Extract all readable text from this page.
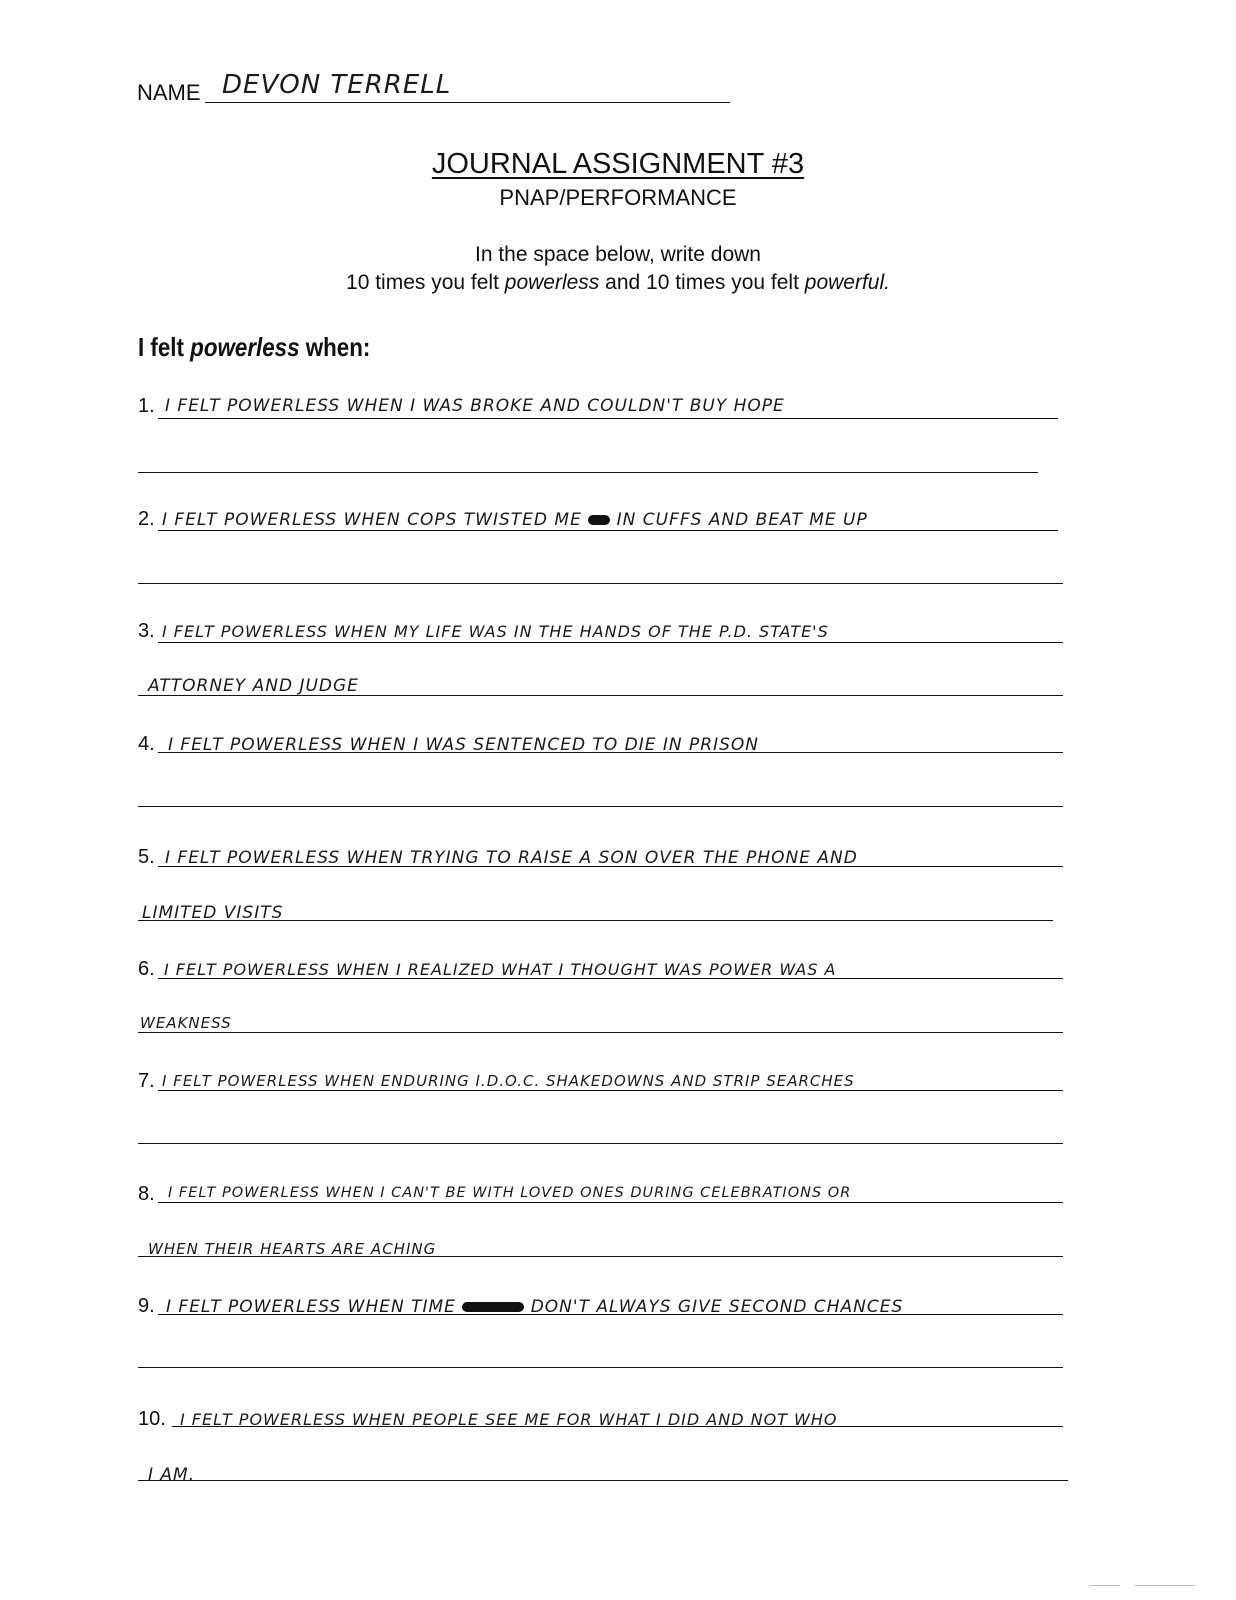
NAME DEVON TERRELL
JOURNAL ASSIGNMENT #3
PNAP/PERFORMANCE
In the space below, write down
10 times you felt powerless and 10 times you felt powerful.
I felt powerless when:
1. I FELT POWERLESS WHEN I WAS BROKE AND COULDN'T BUY HOPE
2. I FELT POWERLESS WHEN COPS TWISTED ME IN CUFFS AND BEAT ME UP
3. I FELT POWERLESS WHEN MY LIFE WAS IN THE HANDS OF THE P.D. STATE'S
ATTORNEY AND JUDGE
4. I FELT POWERLESS WHEN I WAS SENTENCED TO DIE IN PRISON
5. I FELT POWERLESS WHEN TRYING TO RAISE A SON OVER THE PHONE AND
LIMITED VISITS
6. I FELT POWERLESS WHEN I REALIZED WHAT I THOUGHT WAS POWER WAS A
WEAKNESS
7. I FELT POWERLESS WHEN ENDURING I.D.O.C. SHAKEDOWNS AND STRIP SEARCHES
8. I FELT POWERLESS WHEN I CAN'T BE WITH LOVED ONES DURING CELEBRATIONS OR
WHEN THEIR HEARTS ARE ACHING
9. I FELT POWERLESS WHEN TIME	DON'T ALWAYS GIVE SECOND CHANCES
10. I FELT POWERLESS WHEN PEOPLE SEE ME FOR WHAT I DID AND NOT WHO
I AM.
